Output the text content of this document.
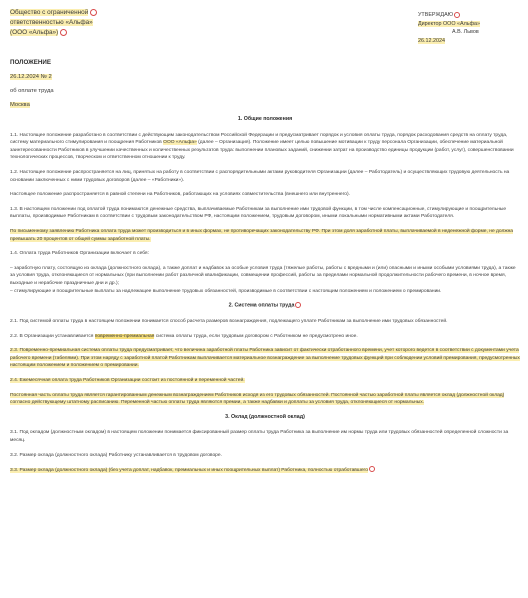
Общество с ограниченной
ответственностью «Альфа»
(ООО «Альфа»)
УТВЕРЖДАЮ
Директор ООО «Альфа»
А.В. Львов
26.12.2024
ПОЛОЖЕНИЕ
26.12.2024 № 2
об оплате труда
Москва
1. Общие положения

1.1. Настоящее положение разработано в соответствии с действующим законодательством Российской Федерации и предусматривает порядок и условия оплаты труда, порядок расходования средств на оплату труда, систему материального стимулирования и поощрения Работников ООО «Альфа» (далее – Организация). Положение имеет целью повышение мотивации к труду персонала Организации, обеспечение материальной заинтересованности Работников в улучшении качественных и количественных результатов труда: выполнении плановых заданий, снижении затрат на производство единицы продукции (работ, услуг), совершенствовании технологических процессов, творческом и ответственном отношении к труду.

1.2. Настоящее положение распространяется на лиц, принятых на работу в соответствии с распорядительными актами руководителя Организации (далее – Работодатель) и осуществляющих трудовую деятельность на основании заключенных с ними трудовых договоров (далее – «Работники»).

Настоящее положение распространяется в равной степени на Работников, работающих на условиях совместительства (внешнего или внутреннего).

1.3. В настоящем положении под оплатой труда понимаются денежные средства, выплачиваемые Работникам за выполнение ими трудовой функции, в том числе компенсационные, стимулирующие и поощрительные выплаты, производимые Работникам в соответствии с трудовым законодательством РФ, настоящим положением, трудовым договором, иными локальными нормативными актами Работодателя.

По письменному заявлению Работника оплата труда может производиться и в иных формах, не противоречащих законодательству РФ. При этом доля заработной платы, выплачиваемой в неденежной форме, не должна превышать 20 процентов от общей суммы заработной платы.

1.4. Оплата труда Работников Организации включает в себя:

– заработную плату, состоящую из оклада (должностного оклада), а также доплат и надбавок за особые условия труда (тяжелые работы, работы с вредными и (или) опасными и иными особыми условиями труда), а также за условия труда, отклоняющиеся от нормальных (при выполнении работ различной квалификации, совмещении профессий, работы за пределами нормальной продолжительности рабочего времени, в ночное время, выходные и нерабочие праздничные дни и др.);

– стимулирующие и поощрительные выплаты за надлежащее выполнение трудовых обязанностей, производимые в соответствии с настоящим положением и положением о премировании.

2. Система оплаты труда

2.1. Под системой оплаты труда в настоящем положении понимается способ расчета размеров вознаграждения, подлежащего уплате Работникам за выполнение ими трудовых обязанностей.

2.2. В Организации устанавливается повременно-премиальная система оплаты труда, если трудовым договором с Работником не предусмотрено иное.

2.3. Повременно-премиальная система оплаты труда предусматривает, что величина заработной платы Работника зависит от фактически отработанного времени, учет которого ведется в соответствии с документами учета рабочего времени (табелями). При этом наряду с заработной платой Работникам выплачивается материальное вознаграждение за выполнение трудовых функций при соблюдении условий премирования, предусмотренных настоящим положением и положением о премировании.

2.4. Ежемесячная оплата труда Работников Организации состоит из постоянной и переменной частей.

Постоянная часть оплаты труда является гарантированным денежным вознаграждением Работников исходя из его трудовых обязанностей. Постоянной частью заработной платы является оклад (должностной оклад) согласно действующему штатному расписанию. Переменной частью оплаты труда являются премии, а также надбавки и доплаты за условия труда, отклоняющиеся от нормальных.

3. Оклад (должностной оклад)

3.1. Под окладом (должностным окладом) в настоящем положении понимается фиксированный размер оплаты труда Работника за выполнение им нормы труда или трудовых обязанностей определенной сложности за месяц.

3.2. Размер оклада (должностного оклада) Работнику устанавливается в трудовом договоре.

3.3. Размер оклада (должностного оклада) (без учета доплат, надбавок, премиальных и иных поощрительных выплат) Работника, полностью отработавшего
